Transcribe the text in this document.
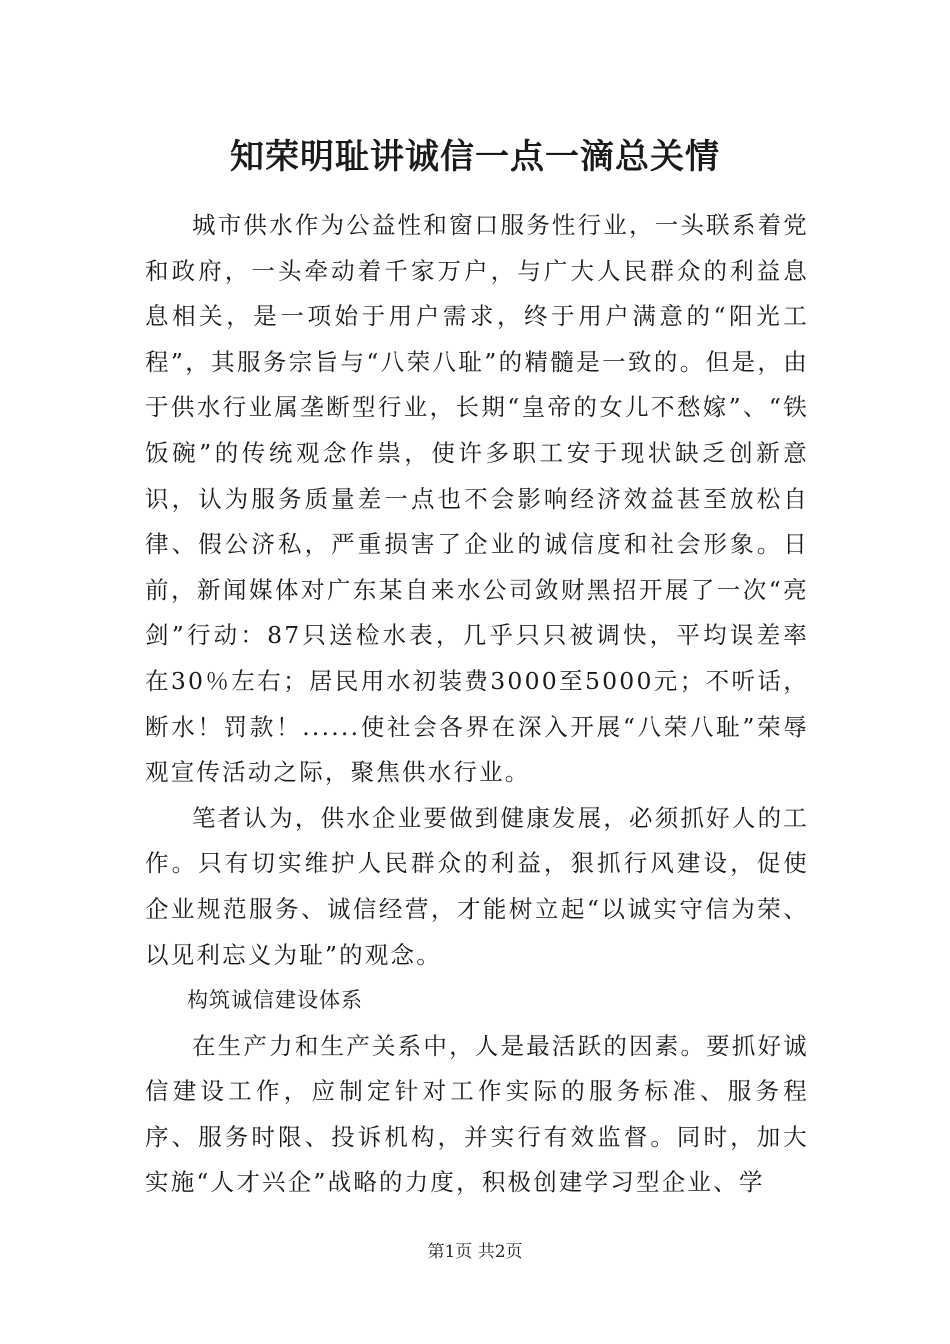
知荣明耻讲诚信一点一滴总关情

城市供水作为公益性和窗口服务性行业，一头联系着党和政府，一头牵动着千家万户，与广大人民群众的利益息息相关，是一项始于用户需求，终于用户满意的“阳光工程”，其服务宗旨与“八荣八耻”的精髓是一致的。但是，由于供水行业属垄断型行业，长期“皇帝的女儿不愁嫁”、“铁饭碗”的传统观念作祟，使许多职工安于现状缺乏创新意识，认为服务质量差一点也不会影响经济效益甚至放松自律、假公济私，严重损害了企业的诚信度和社会形象。日前，新闻媒体对广东某自来水公司敛财黑招开展了一次“亮剑”行动：87只送检水表，几乎只只被调快，平均误差率在30％左右；居民用水初装费3000至5000元；不听话，断水！罚款！......使社会各界在深入开展“八荣八耻”荣辱观宣传活动之际，聚焦供水行业。

笔者认为，供水企业要做到健康发展，必须抓好人的工作。只有切实维护人民群众的利益，狠抓行风建设，促使企业规范服务、诚信经营，才能树立起“以诚实守信为荣、以见利忘义为耻”的观念。

构筑诚信建设体系

在生产力和生产关系中，人是最活跃的因素。要抓好诚信建设工作，应制定针对工作实际的服务标准、服务程序、服务时限、投诉机构，并实行有效监督。同时，加大实施“人才兴企”战略的力度，积极创建学习型企业、学

第1页 共2页
